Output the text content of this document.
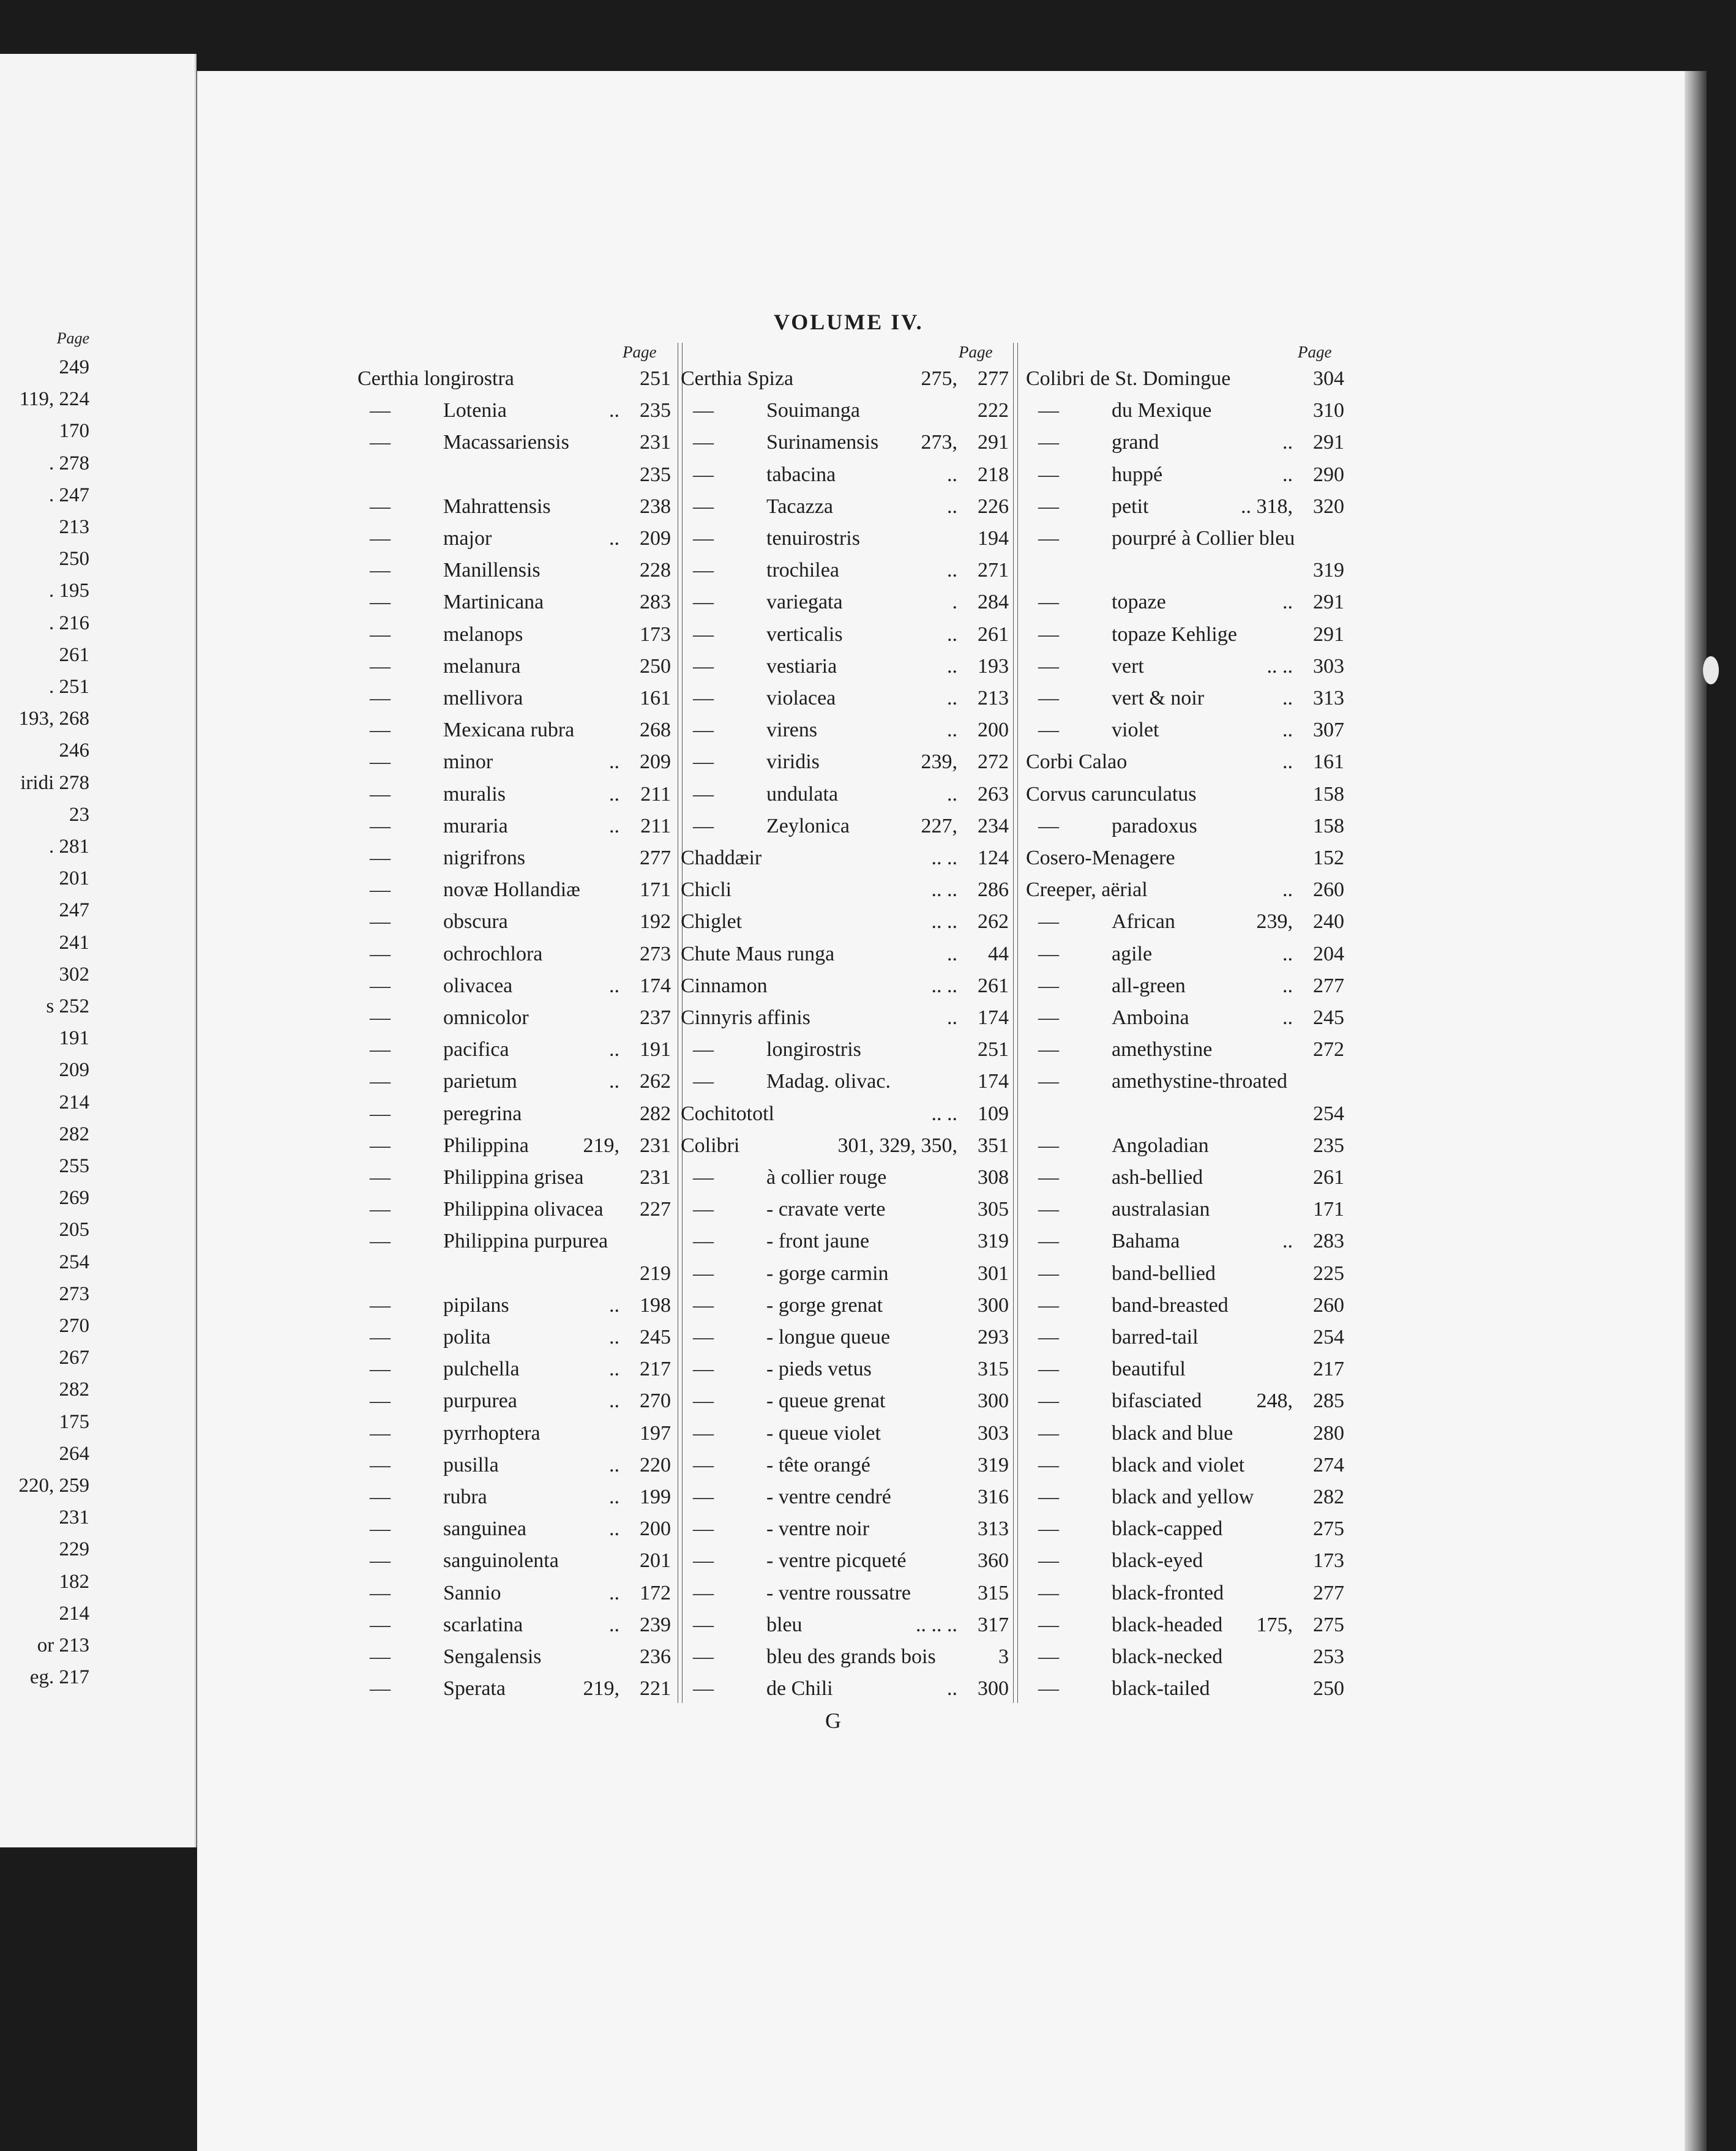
Page
249
119, 224
170
. 278
. 247
213
250
. 195
. 216
261
. 251
193, 268
246
iridi 278
23
. 281
201
247
241
302
s 252
191
209
214
282
255
269
205
254
273
270
267
282
175
264
220, 259
231
229
182
214
or 213
eg. 217
VOLUME IV.
Page	Page	Page
Certhia longirostra	251
—	Lotenia	.. 235
—	Macassariensis	231
235
—	Mahrattensis	238
—	major	.. 209
—	Manillensis	228
—	Martinicana	283
—	melanops	173
—	melanura	250
—	mellivora	161
—	Mexicana rubra	268
—	minor	.. 209
—	muralis	.. 211
—	muraria	.. 211
—	nigrifrons	277
—	novæ Hollandiæ	171
—	obscura	192
—	ochrochlora	273
—	olivacea	.. 174
—	omnicolor	237
—	pacifica	.. 191
—	parietum	.. 262
—	peregrina	282
—	Philippina	219, 231
—	Philippina grisea	231
—	Philippina olivacea 227
—	Philippina purpurea
219
—	pipilans	.. 198
—	polita	.. 245
—	pulchella	.. 217
—	purpurea	.. 270
—	pyrrhoptera	197
—	pusilla	.. 220
—	rubra	.. 199
—	sanguinea	.. 200
—	sanguinolenta	201
—	Sannio	.. 172
—	scarlatina	.. 239
—	Sengalensis	236
—	Sperata	219, 221
Certhia Spiza	275, 277
—	Souimanga	222
—	Surinamensis 273, 291
—	tabacina	.. 218
—	Tacazza	.. 226
—	tenuirostris	194
—	trochilea	.. 271
—	variegata	. 284
—	verticalis	.. 261
—	vestiaria	.. 193
—	violacea	.. 213
—	virens	.. 200
—	viridis	239, 272
—	undulata	.. 263
—	Zeylonica	227, 234
Chaddæir	.. .. 124
Chicli	.. .. 286
Chiglet	.. .. 262
Chute Maus runga	.. 44
Cinnamon	.. .. 261
Cinnyris affinis	.. 174
—	longirostris	251
—	Madag. olivac.	174
Cochitototl	.. .. 109
Colibri	301, 329, 350, 351
—	à collier rouge	308
—	- cravate verte	305
—	- front jaune	319
—	- gorge carmin	301
—	- gorge grenat	300
—	- longue queue	293
—	- pieds vetus	315
—	- queue grenat	300
—	- queue violet	303
—	- tête orangé	319
—	- ventre cendré	316
—	- ventre noir	313
—	- ventre picqueté	360
—	- ventre roussatre	315
—	bleu	.. .. .. 317
—	bleu des grands bois	3
—	de Chili	.. 300
Colibri de St. Domingue	304
—	du Mexique	310
—	grand	.. 291
—	huppé	.. 290
—	petit	.. 318, 320
—	pourpré à Collier bleu
319
—	topaze	.. 291
—	topaze Kehlige	291
—	vert	.. .. 303
—	vert & noir	.. 313
—	violet	.. 307
Corbi Calao	.. 161
Corvus carunculatus	158
—	paradoxus	158
Cosero-Menagere	152
Creeper, aërial	.. 260
—	African	239, 240
—	agile	.. 204
—	all-green	.. 277
—	Amboina	.. 245
—	amethystine	272
—	amethystine-throated
254
—	Angoladian	235
—	ash-bellied	261
—	australasian	171
—	Bahama	.. 283
—	band-bellied	225
—	band-breasted	260
—	barred-tail	254
—	beautiful	217
—	bifasciated	248, 285
—	black and blue	280
—	black and violet	274
—	black and yellow	282
—	black-capped	275
—	black-eyed	173
—	black-fronted	277
—	black-headed 175, 275
—	black-necked	253
—	black-tailed	250
G
